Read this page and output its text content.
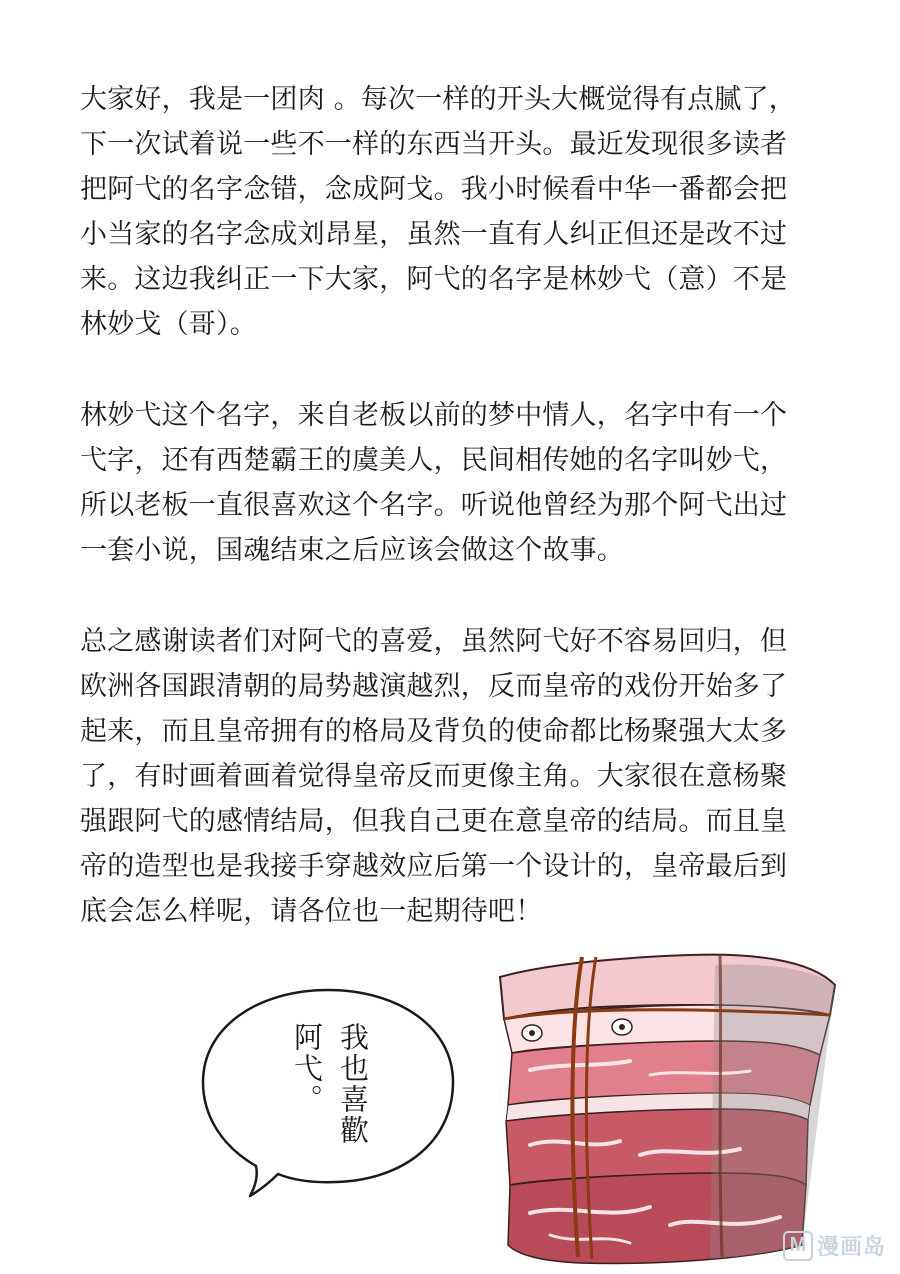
大家好，我是一团肉 。每次一样的开头大概觉得有点腻了，
下一次试着说一些不一样的东西当开头。最近发现很多读者
把阿弋的名字念错，念成阿戈。我小时候看中华一番都会把
小当家的名字念成刘昂星，虽然一直有人纠正但还是改不过
来。这边我纠正一下大家，阿弋的名字是林妙弋（意）不是
林妙戈（哥）。
林妙弋这个名字，来自老板以前的梦中情人，名字中有一个
弋字，还有西楚霸王的虞美人，民间相传她的名字叫妙弋，
所以老板一直很喜欢这个名字。听说他曾经为那个阿弋出过
一套小说，国魂结束之后应该会做这个故事。
总之感谢读者们对阿弋的喜爱，虽然阿弋好不容易回归，但
欧洲各国跟清朝的局势越演越烈，反而皇帝的戏份开始多了
起来，而且皇帝拥有的格局及背负的使命都比杨聚强大太多
了，有时画着画着觉得皇帝反而更像主角。大家很在意杨聚
强跟阿弋的感情结局，但我自己更在意皇帝的结局。而且皇
帝的造型也是我接手穿越效应后第一个设计的，皇帝最后到
底会怎么样呢，请各位也一起期待吧！
我也喜歡
阿弋。
M 漫画岛
